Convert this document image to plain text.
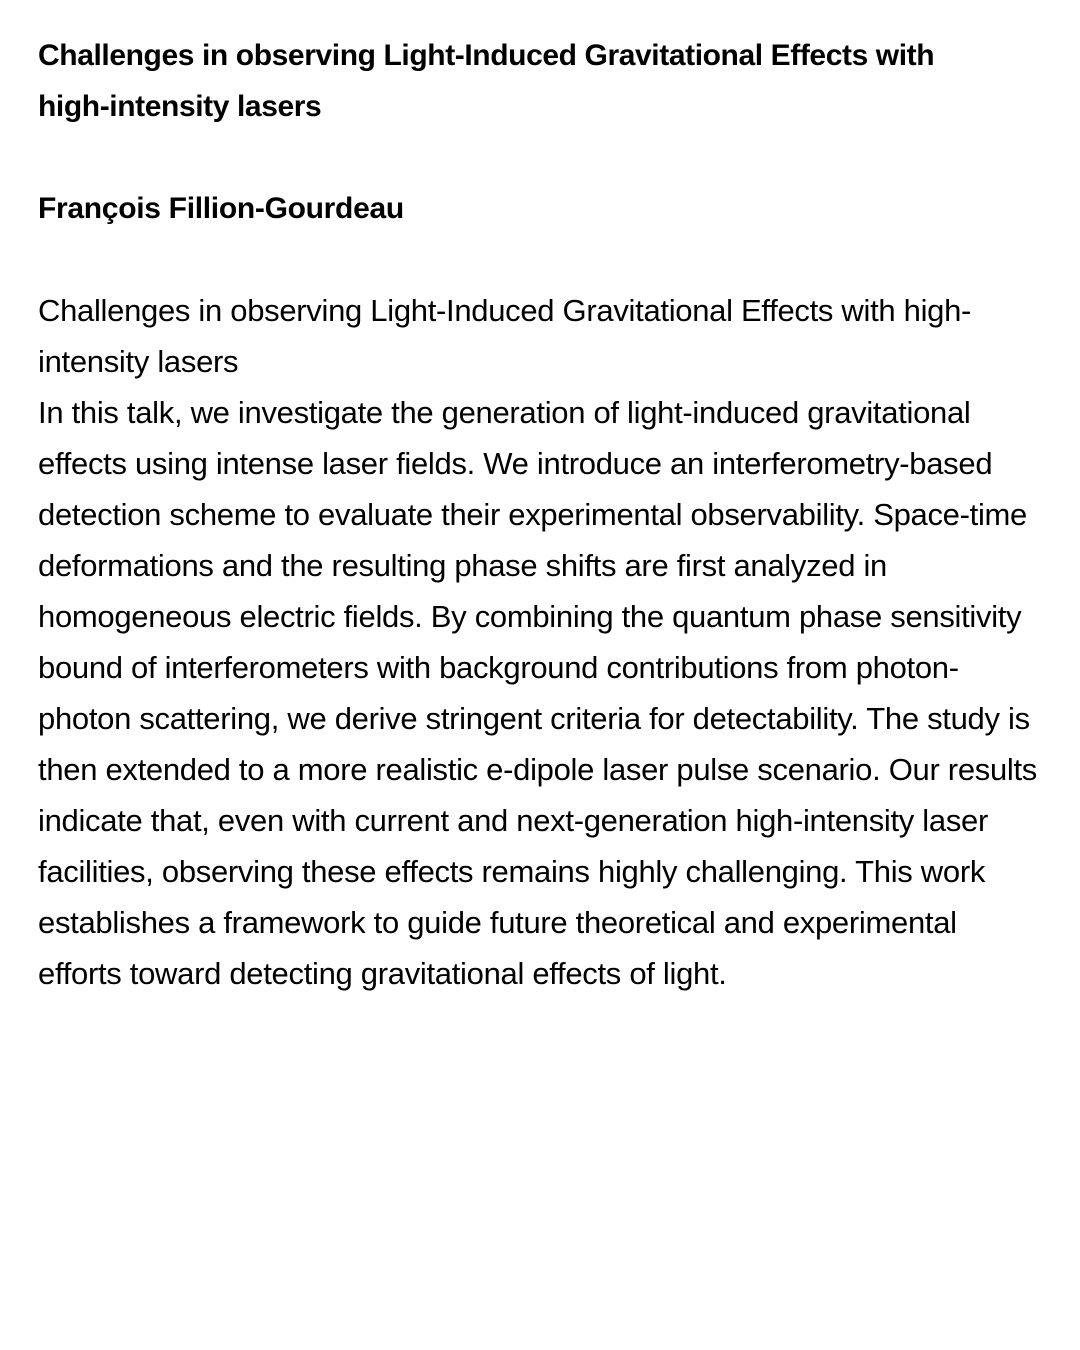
Challenges in observing Light-Induced Gravitational Effects with high-intensity lasers

François Fillion-Gourdeau

Challenges in observing Light-Induced Gravitational Effects with high-intensity lasers

In this talk, we investigate the generation of light-induced gravitational effects using intense laser fields. We introduce an interferometry-based detection scheme to evaluate their experimental observability. Space-time deformations and the resulting phase shifts are first analyzed in homogeneous electric fields. By combining the quantum phase sensitivity bound of interferometers with background contributions from photon-photon scattering, we derive stringent criteria for detectability. The study is then extended to a more realistic e-dipole laser pulse scenario. Our results indicate that, even with current and next-generation high-intensity laser facilities, observing these effects remains highly challenging. This work establishes a framework to guide future theoretical and experimental efforts toward detecting gravitational effects of light.
